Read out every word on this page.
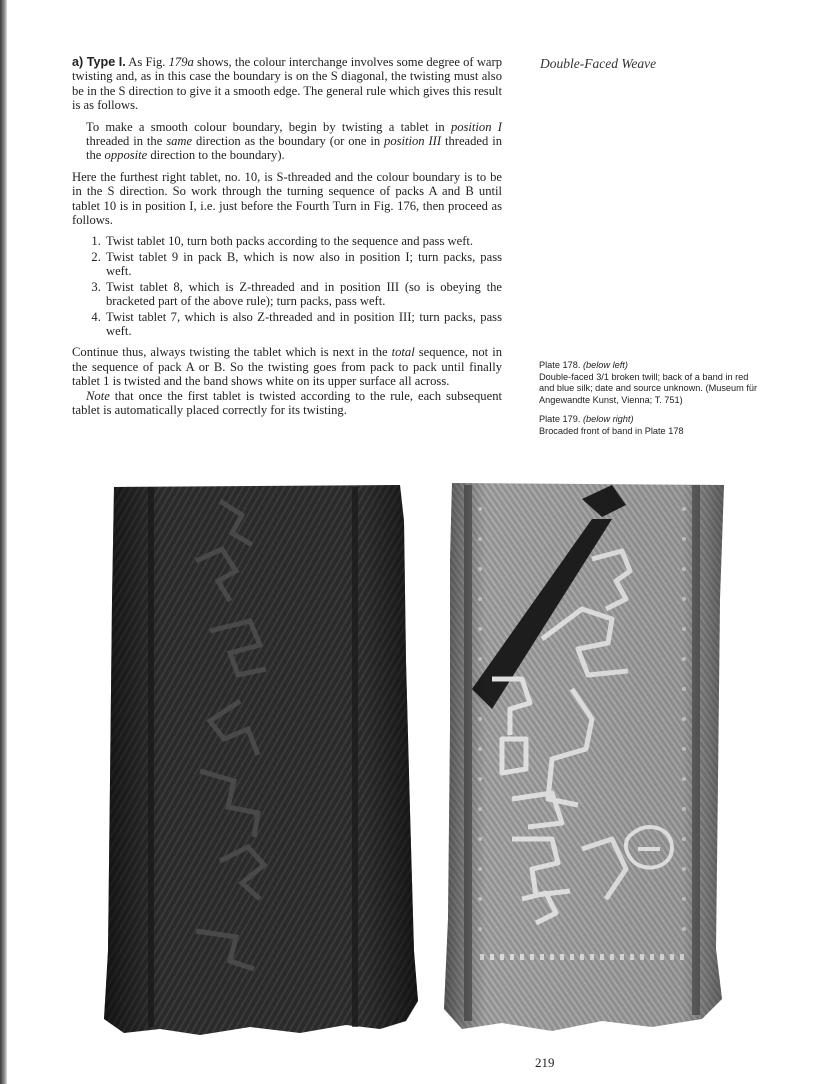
Double-Faced Weave

a) Type I. As Fig. 179a shows, the colour interchange involves some degree of warp twisting and, as in this case the boundary is on the S diagonal, the twisting must also be in the S direction to give it a smooth edge. The general rule which gives this result is as follows.

To make a smooth colour boundary, begin by twisting a tablet in position I threaded in the same direction as the boundary (or one in position III threaded in the opposite direction to the boundary).

Here the furthest right tablet, no. 10, is S-threaded and the colour boundary is to be in the S direction. So work through the turning sequence of packs A and B until tablet 10 is in position I, i.e. just before the Fourth Turn in Fig. 176, then proceed as follows.

1. Twist tablet 10, turn both packs according to the sequence and pass weft.
2. Twist tablet 9 in pack B, which is now also in position I; turn packs, pass weft.
3. Twist tablet 8, which is Z-threaded and in position III (so is obeying the bracketed part of the above rule); turn packs, pass weft.
4. Twist tablet 7, which is also Z-threaded and in position III; turn packs, pass weft.

Continue thus, always twisting the tablet which is next in the total sequence, not in the sequence of pack A or B. So the twisting goes from pack to pack until finally tablet 1 is twisted and the band shows white on its upper surface all across.

Note that once the first tablet is twisted according to the rule, each subsequent tablet is automatically placed correctly for its twisting.

Plate 178. (below left)
Double-faced 3/1 broken twill; back of a band in red and blue silk; date and source unknown. (Museum für Angewandte Kunst, Vienna; T. 751)

Plate 179. (below right)
Brocaded front of band in Plate 178

219
